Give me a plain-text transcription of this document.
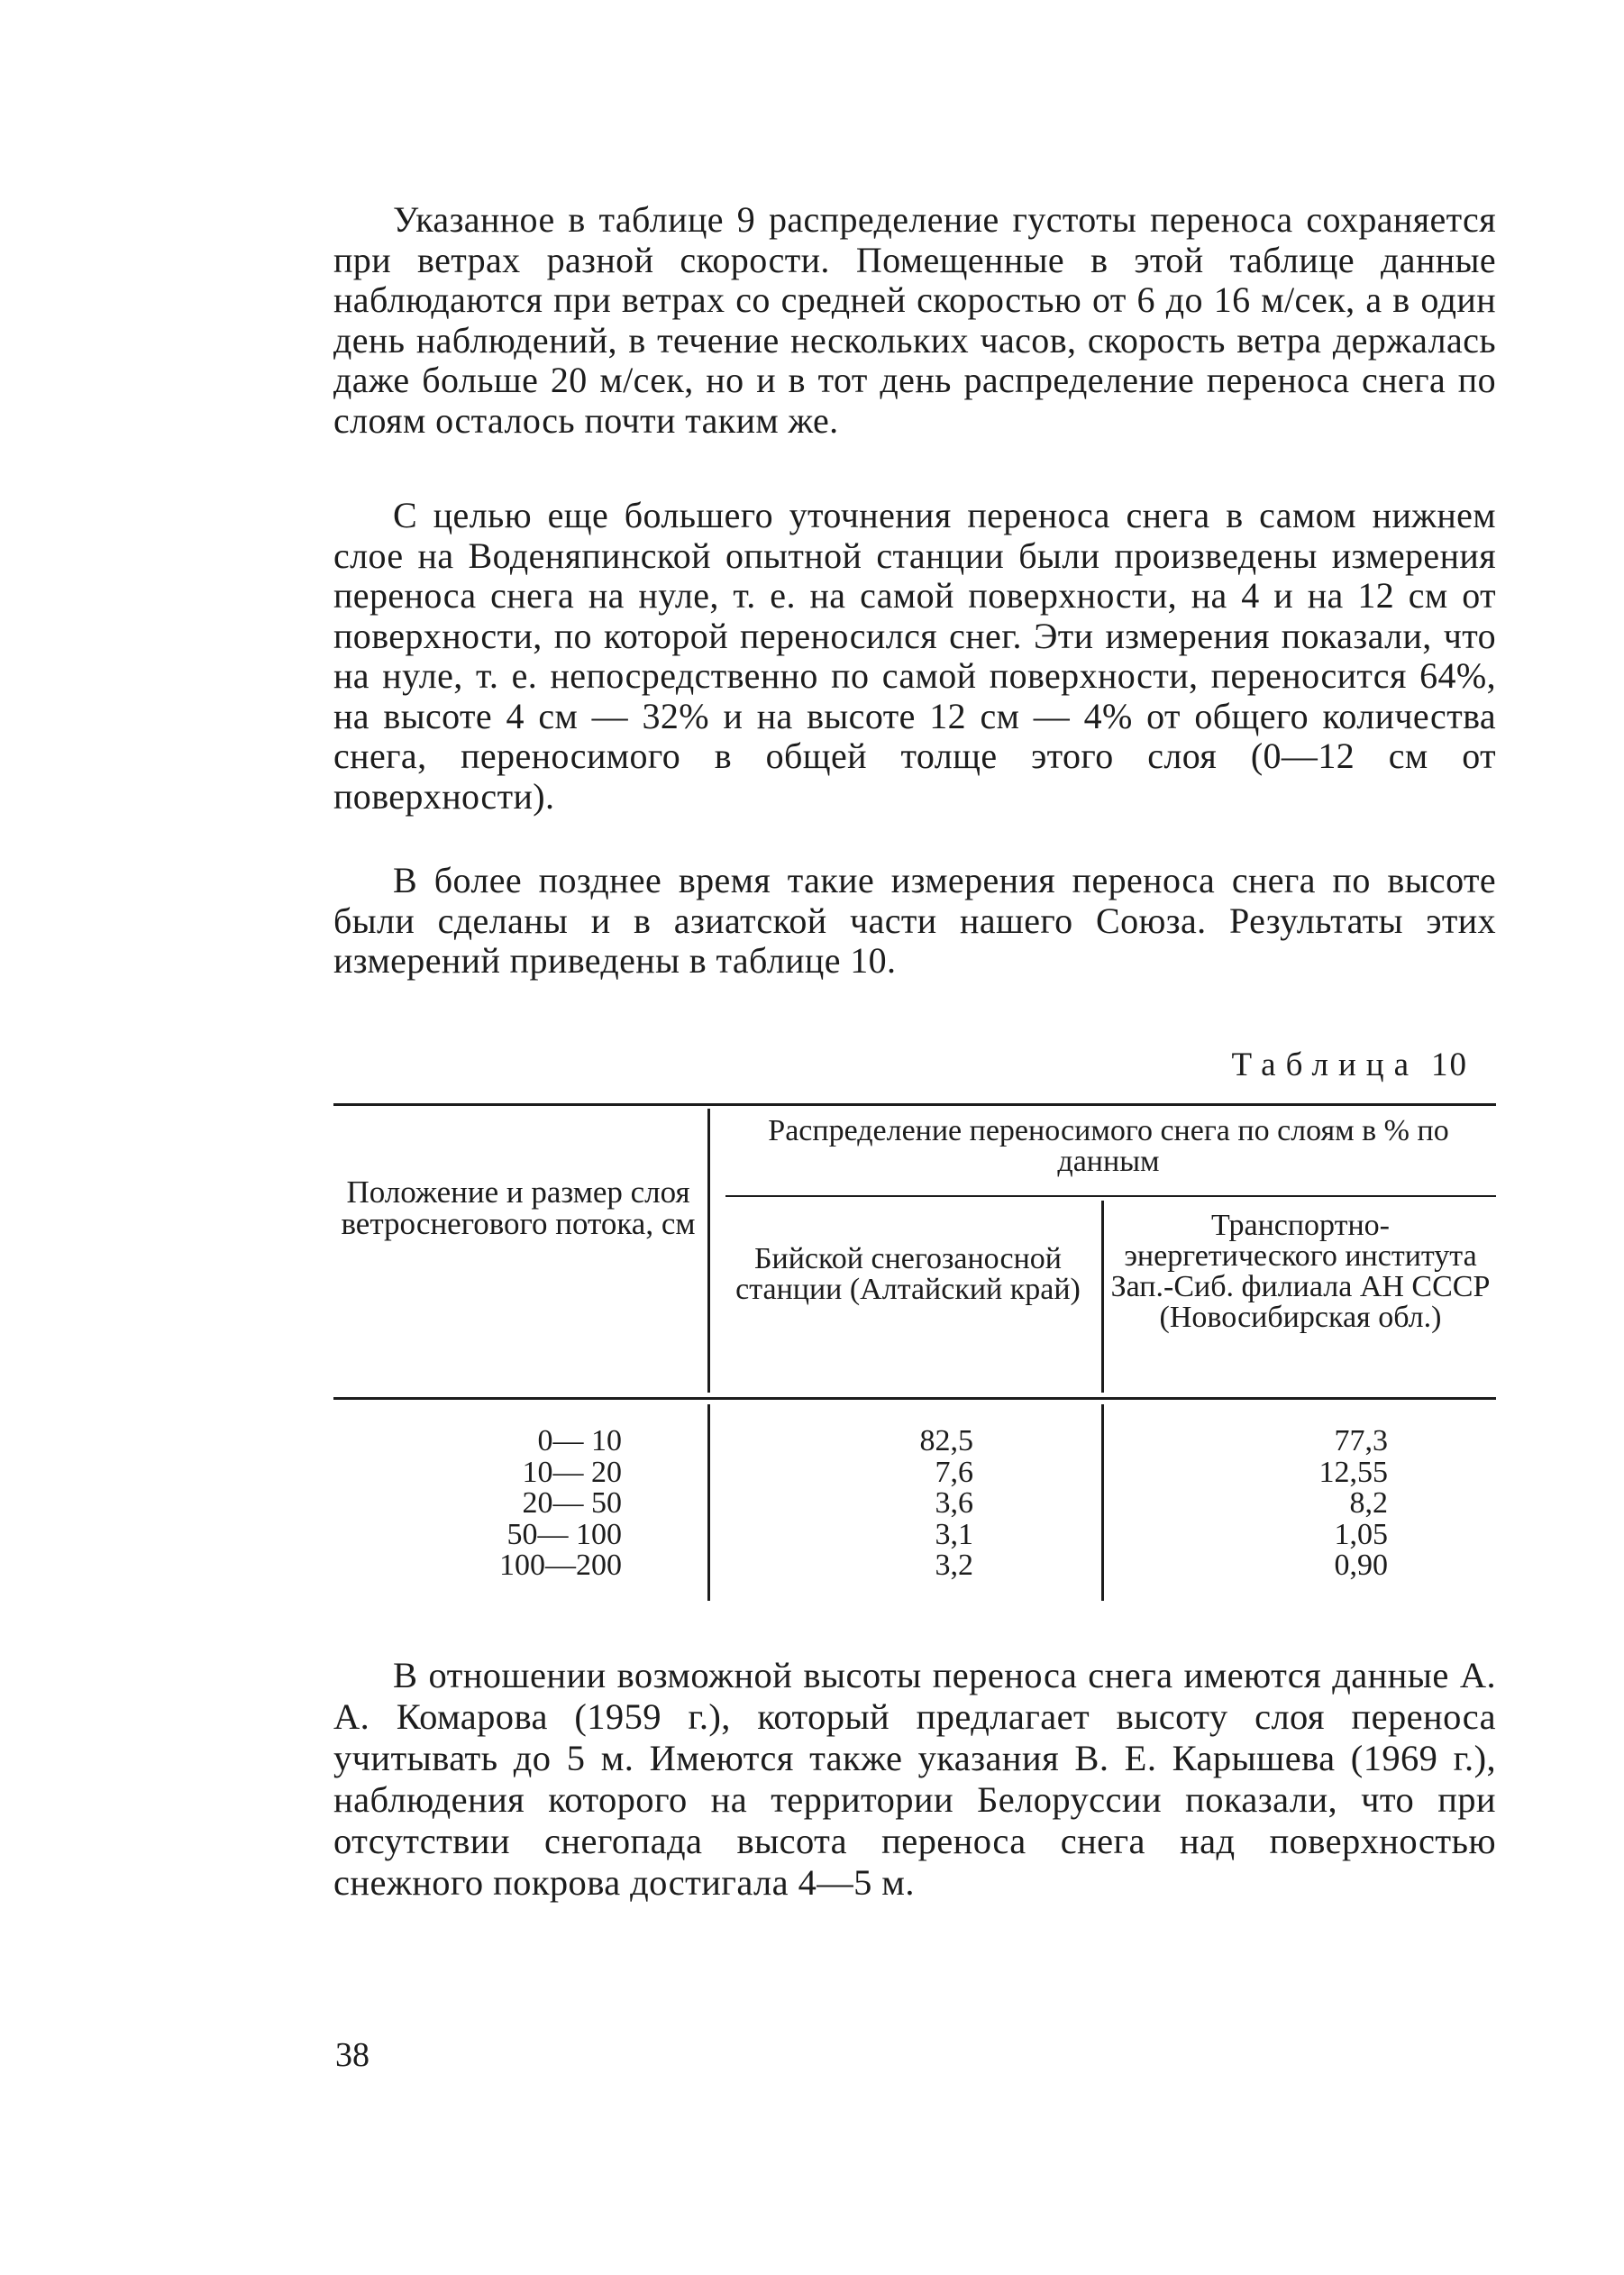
Указанное в таблице 9 распределение густоты переноса сохраняется при ветрах разной скорости. Помещенные в этой таблице данные наблюдаются при ветрах со средней скоростью от 6 до 16 м/сек, а в один день наблюдений, в течение нескольких часов, скорость ветра держалась даже больше 20 м/сек, но и в тот день распределение переноса снега по слоям осталось почти таким же.

С целью еще большего уточнения переноса снега в самом нижнем слое на Воденяпинской опытной станции были произведены измерения переноса снега на нуле, т. е. на самой поверхности, на 4 и на 12 см от поверхности, по которой переносился снег. Эти измерения показали, что на нуле, т. е. непосредственно по самой поверхности, переносится 64%, на высоте 4 см — 32% и на высоте 12 см — 4% от общего количества снега, переносимого в общей толще этого слоя (0—12 см от поверхности).

В более позднее время такие измерения переноса снега по высоте были сделаны и в азиатской части нашего Союза. Результаты этих измерений приведены в таблице 10.

Таблица 10

Положение и размер слоя ветроснегового потока, см

Распределение переносимого снега по слоям в % по данным

Бийской снегозаносной станции (Алтайский край)

Транспортно-энергетического института Зап.-Сиб. филиала АН СССР (Новосибирская обл.)

0— 10
10— 20
20— 50
50— 100
100—200
82,5
7,6
3,6
3,1
3,2
77,3
12,55
8,2
1,05
0,90

В отношении возможной высоты переноса снега имеются данные А. А. Комарова (1959 г.), который предлагает высоту слоя переноса учитывать до 5 м. Имеются также указания В. Е. Карышева (1969 г.), наблюдения которого на территории Белоруссии показали, что при отсутствии снегопада высота переноса снега над поверхностью снежного покрова достигала 4—5 м.

38
